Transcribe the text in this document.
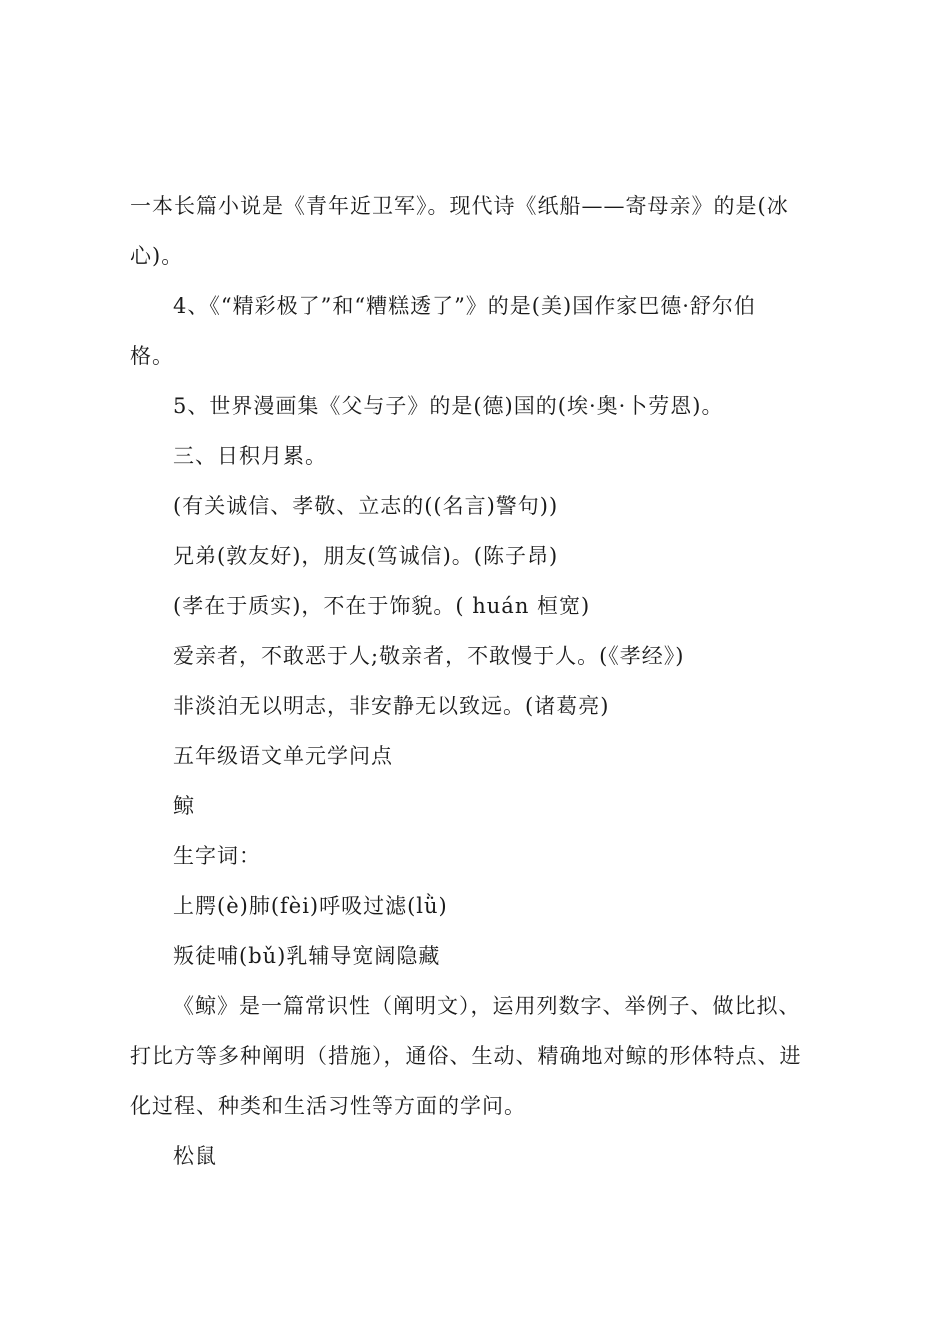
一本长篇小说是《青年近卫军》。现代诗《纸船——寄母亲》的是(冰
心)。
4、《“精彩极了”和“糟糕透了”》的是(美)国作家巴德·舒尔伯
格。
5、世界漫画集《父与子》的是(德)国的(埃·奥·卜劳恩)。
三、日积月累。
(有关诚信、孝敬、立志的((名言)警句))
兄弟(敦友好)，朋友(笃诚信)。(陈子昂)
(孝在于质实)，不在于饰貌。( huán 桓宽)
爱亲者，不敢恶于人;敬亲者，不敢慢于人。(《孝经》)
非淡泊无以明志，非安静无以致远。(诸葛亮)
五年级语文单元学问点
鲸
生字词：
上腭(è)肺(fèi)呼吸过滤(lǜ)
叛徒哺(bǔ)乳辅导宽阔隐藏
《鲸》是一篇常识性（阐明文），运用列数字、举例子、做比拟、
打比方等多种阐明（措施），通俗、生动、精确地对鲸的形体特点、进
化过程、种类和生活习性等方面的学问。
松鼠
